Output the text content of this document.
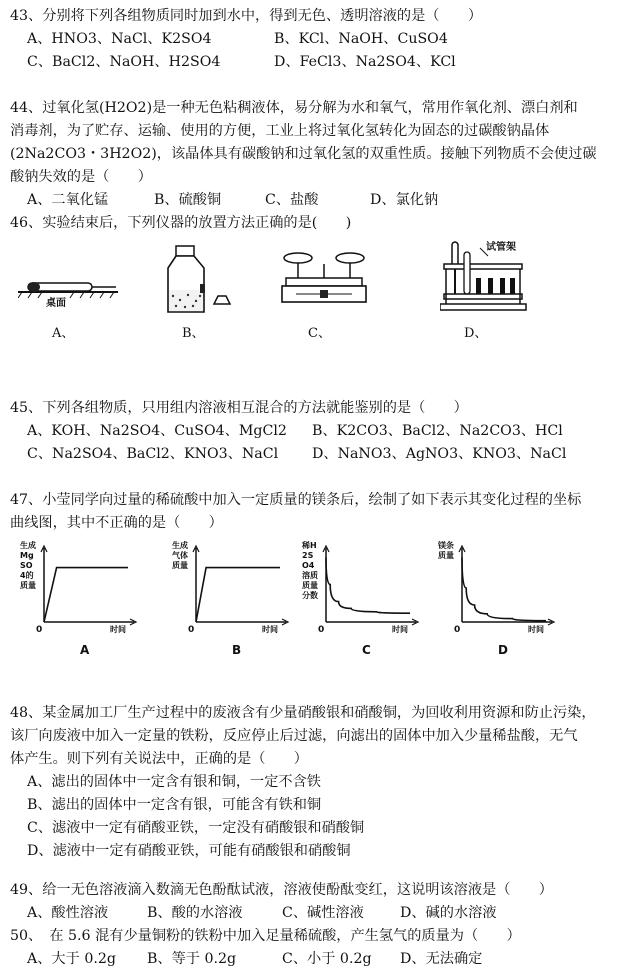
43、分别将下列各组物质同时加到水中，得到无色、透明溶液的是（　　）
A、HNO3、NaCl、K2SO4	B、KCl、NaOH、CuSO4
C、BaCl2、NaOH、H2SO4	D、FeCl3、Na2SO4、KCl
44、过氧化氢(H2O2)是一种无色粘稠液体，易分解为水和氧气，常用作氧化剂、漂白剂和
消毒剂，为了贮存、运输、使用的方便，工业上将过氧化氢转化为固态的过碳酸钠晶体
(2Na2CO3・3H2O2)，该晶体具有碳酸钠和过氧化氢的双重性质。接触下列物质不会使过碳
酸钠失效的是（　　）
A、二氧化锰	B、硫酸铜	C、盐酸	D、氯化钠
46、实验结束后，下列仪器的放置方法正确的是(　　)
桌面
试管架
A、	B、	C、	D、
45、下列各组物质，只用组内溶液相互混合的方法就能鉴别的是（　　）
A、KOH、Na2SO4、CuSO4、MgCl2 B、K2CO3、BaCl2、Na2CO3、HCl
C、Na2SO4、BaCl2、KNO3、NaCl D、NaNO3、AgNO3、KNO3、NaCl
47、小莹同学向过量的稀硫酸中加入一定质量的镁条后，绘制了如下表示其变化过程的坐标
曲线图，其中不正确的是（　　）
生成
Mg
SO
4的
质量
0	时间
A
生成
气体
质量
0	时间
B
稀H
2S
O4
溶质
质量
分数
0	时间
C
镁条
质量
0	时间
D
48、某金属加工厂生产过程中的废液含有少量硝酸银和硝酸铜，为回收利用资源和防止污染，
该厂向废液中加入一定量的铁粉，反应停止后过滤，向滤出的固体中加入少量稀盐酸，无气
体产生。则下列有关说法中，正确的是（　　）
A、滤出的固体中一定含有银和铜，一定不含铁
B、滤出的固体中一定含有银，可能含有铁和铜
C、滤液中一定有硝酸亚铁，一定没有硝酸银和硝酸铜
D、滤液中一定有硝酸亚铁，可能有硝酸银和硝酸铜
49、给一无色溶液滴入数滴无色酚酞试液，溶液使酚酞变红，这说明该溶液是（　　）
A、酸性溶液	B、酸的水溶液	C、碱性溶液	D、碱的水溶液
50、　在 5.6 混有少量铜粉的铁粉中加入足量稀硫酸，产生氢气的质量为（　　）
A、大于 0.2g B、等于 0.2g	C、小于 0.2g D、无法确定
